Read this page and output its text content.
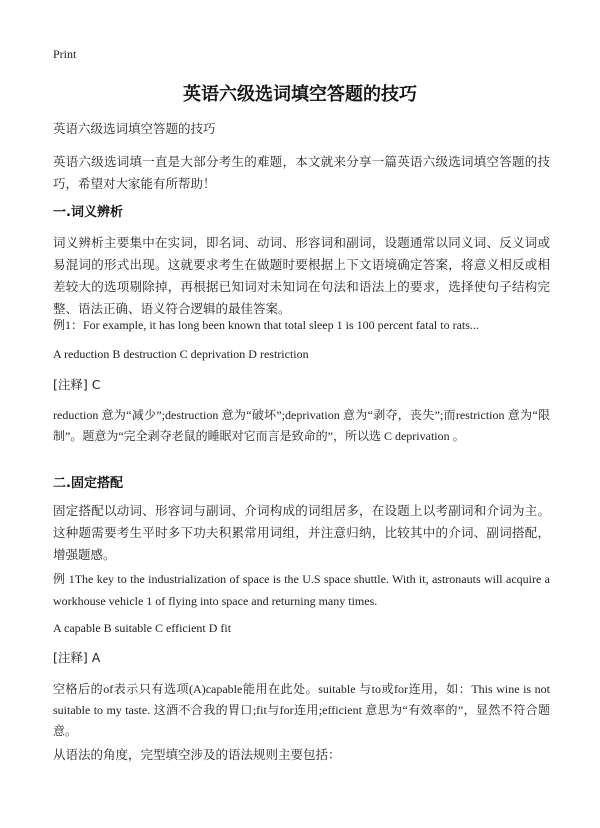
Print
英语六级选词填空答题的技巧
英语六级选词填空答题的技巧
英语六级选词填一直是大部分考生的难题，本文就来分享一篇英语六级选词填空答题的技巧，希望对大家能有所帮助！
一.词义辨析
词义辨析主要集中在实词，即名词、动词、形容词和副词，设题通常以同义词、反义词或易混词的形式出现。这就要求考生在做题时要根据上下文语境确定答案，将意义相反或相差较大的选项剔除掉，再根据已知词对未知词在句法和语法上的要求，选择使句子结构完整、语法正确、语义符合逻辑的最佳答案。
例1：For example, it has long been known that total sleep 1 is 100 percent fatal to rats...
A reduction B destruction C deprivation D restriction
[注释] C
reduction 意为“减少”;destruction 意为“破坏”;deprivation 意为“剥夺，丧失”;而restriction 意为“限制”。题意为“完全剥夺老鼠的睡眠对它而言是致命的”，所以选 C deprivation 。
二.固定搭配
固定搭配以动词、形容词与副词、介词构成的词组居多，在设题上以考副词和介词为主。这种题需要考生平时多下功夫积累常用词组，并注意归纳，比较其中的介词、副词搭配，增强题感。
例 1The key to the industrialization of space is the U.S space shuttle. With it, astronauts will acquire a workhouse vehicle 1 of flying into space and returning many times.
A capable B suitable C efficient D fit
[注释] A
空格后的of表示只有选项(A)capable能用在此处。suitable 与to或for连用，如：This wine is not suitable to my taste. 这酒不合我的胃口;fit与for连用;efficient 意思为“有效率的”，显然不符合题意。
从语法的角度，完型填空涉及的语法规则主要包括：
